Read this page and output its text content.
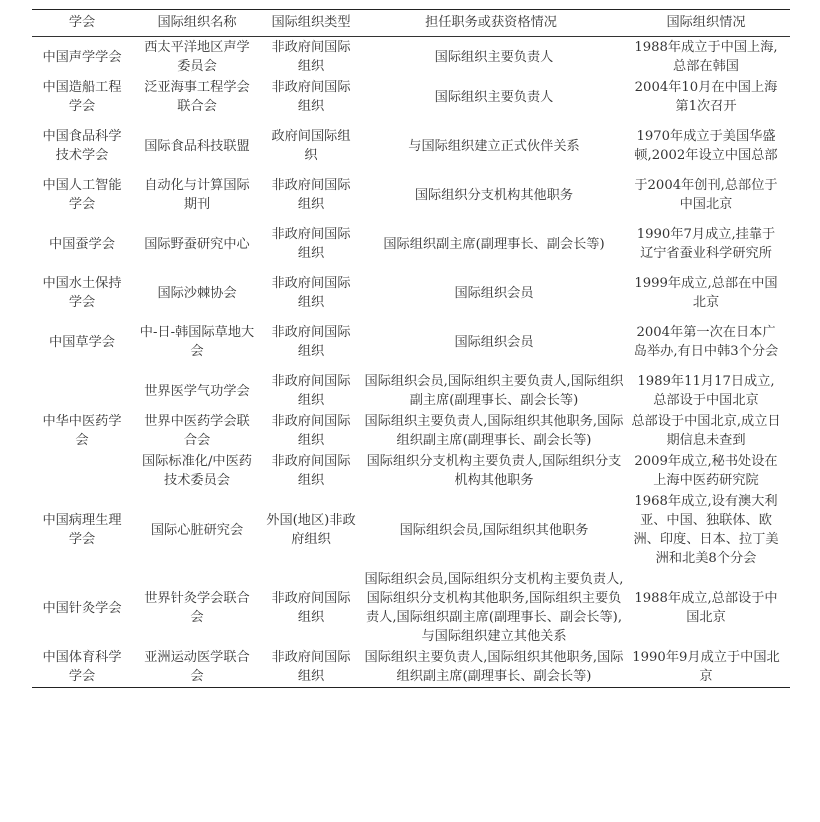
学会	国际组织名称	国际组织类型	担任职务或获资格情况	国际组织情况
中国声学学会	西太平洋地区声学委员会	非政府间国际组织	国际组织主要负责人	1988年成立于中国上海,总部在韩国
中国造船工程学会	泛亚海事工程学会联合会	非政府间国际组织	国际组织主要负责人	2004年10月在中国上海第1次召开
中国食品科学技术学会	国际食品科技联盟	政府间国际组织	与国际组织建立正式伙伴关系	1970年成立于美国华盛顿,2002年设立中国总部
中国人工智能学会	自动化与计算国际期刊	非政府间国际组织	国际组织分支机构其他职务	于2004年创刊,总部位于中国北京
中国蚕学会	国际野蚕研究中心	非政府间国际组织	国际组织副主席(副理事长、副会长等)	1990年7月成立,挂靠于辽宁省蚕业科学研究所
中国水土保持学会	国际沙棘协会	非政府间国际组织	国际组织会员	1999年成立,总部在中国北京
中国草学会	中-日-韩国际草地大会	非政府间国际组织	国际组织会员	2004年第一次在日本广岛举办,有日中韩3个分会
中华中医药学会	世界医学气功学会	非政府间国际组织	国际组织会员,国际组织主要负责人,国际组织副主席(副理事长、副会长等)	1989年11月17日成立,总部设于中国北京
	世界中医药学会联合会	非政府间国际组织	国际组织主要负责人,国际组织其他职务,国际组织副主席(副理事长、副会长等)	总部设于中国北京,成立日期信息未查到
	国际标准化/中医药技术委员会	非政府间国际组织	国际组织分支机构主要负责人,国际组织分支机构其他职务	2009年成立,秘书处设在上海中医药研究院
中国病理生理学会	国际心脏研究会	外国(地区)非政府组织	国际组织会员,国际组织其他职务	1968年成立,设有澳大利亚、中国、独联体、欧洲、印度、日本、拉丁美洲和北美8个分会
中国针灸学会	世界针灸学会联合会	非政府间国际组织	国际组织会员,国际组织分支机构主要负责人,国际组织分支机构其他职务,国际组织主要负责人,国际组织副主席(副理事长、副会长等),与国际组织建立其他关系	1988年成立,总部设于中国北京
中国体育科学学会	亚洲运动医学联合会	非政府间国际组织	国际组织主要负责人,国际组织其他职务,国际组织副主席(副理事长、副会长等)	1990年9月成立于中国北京
